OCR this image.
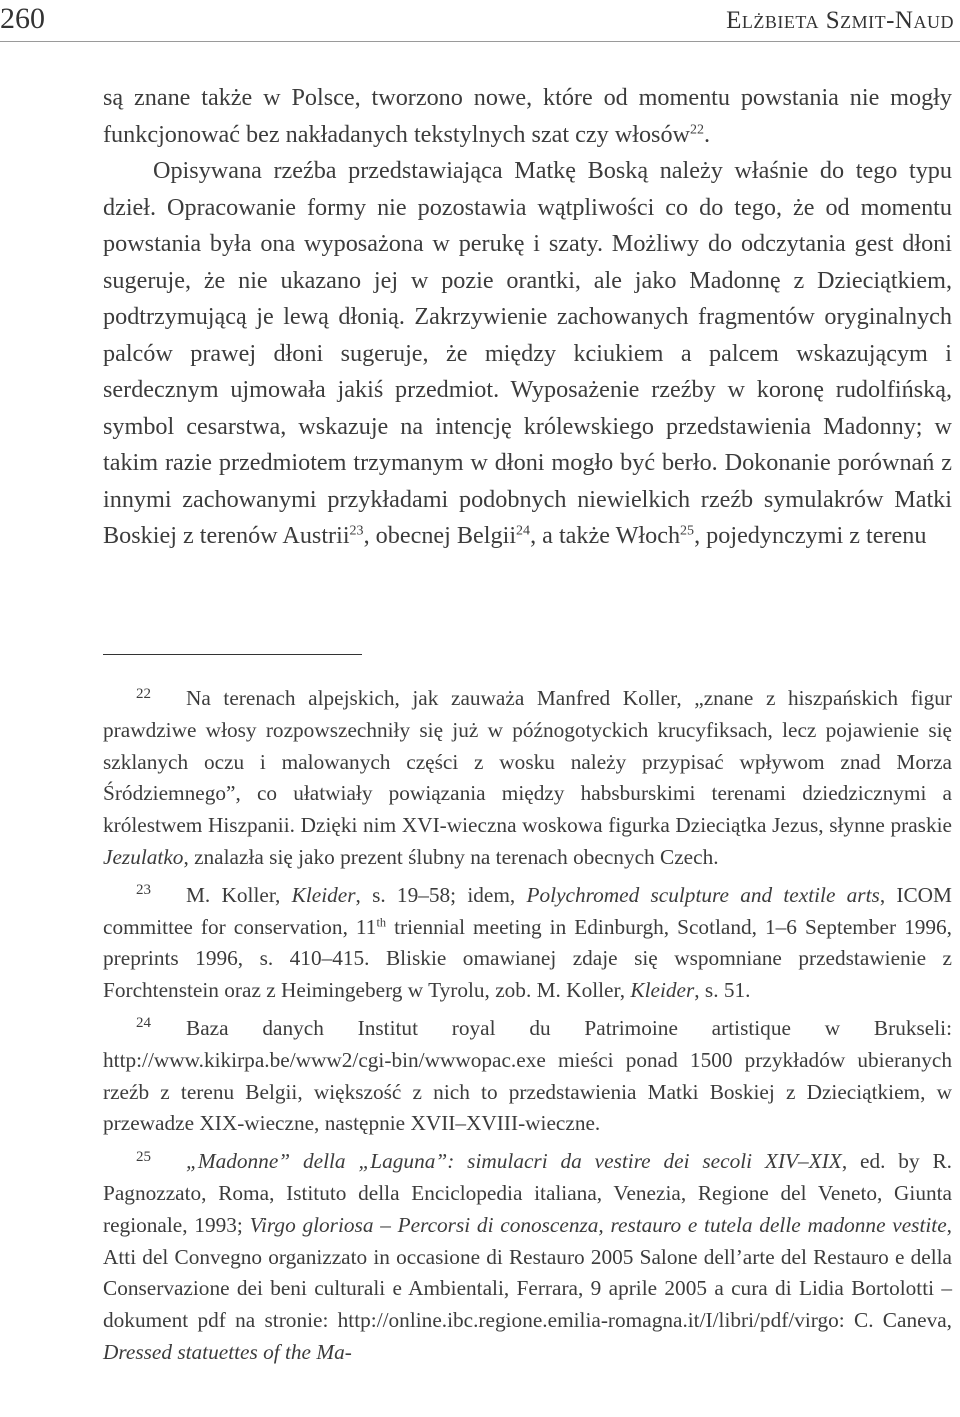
260	Elżbieta Szmit-Naud

są znane także w Polsce, tworzono nowe, które od momentu powstania nie mogły funkcjonować bez nakładanych tekstylnych szat czy włosów$^{22}$.

Opisywana rzeźba przedstawiająca Matkę Boską należy właśnie do tego typu dzieł. Opracowanie formy nie pozostawia wątpliwości co do tego, że od momentu powstania była ona wyposażona w perukę i szaty. Możliwy do odczytania gest dłoni sugeruje, że nie ukazano jej w pozie orantki, ale jako Madonnę z Dzieciątkiem, podtrzymującą je lewą dłonią. Zakrzywienie zachowanych fragmentów oryginalnych palców prawej dłoni sugeruje, że między kciukiem a palcem wskazującym i serdecznym ujmowała jakiś przedmiot. Wyposażenie rzeźby w koronę rudolfińską, symbol cesarstwa, wskazuje na intencję królewskiego przedstawienia Madonny; w takim razie przedmiotem trzymanym w dłoni mogło być berło. Dokonanie porównań z innymi zachowanymi przykładami podobnych niewielkich rzeźb symulakrów Matki Boskiej z terenów Austrii$^{23}$, obecnej Belgii$^{24}$, a także Włoch$^{25}$, pojedynczymi z terenu

22 Na terenach alpejskich, jak zauważa Manfred Koller, „znane z hiszpańskich figur prawdziwe włosy rozpowszechniły się już w późnogotyckich krucyfiksach, lecz pojawienie się szklanych oczu i malowanych części z wosku należy przypisać wpływom znad Morza Śródziemnego”, co ułatwiały powiązania między habsburskimi terenami dziedzicznymi a królestwem Hiszpanii. Dzięki nim XVI-wieczna woskowa figurka Dzieciątka Jezus, słynne praskie Jezulatko, znalazła się jako prezent ślubny na terenach obecnych Czech.

23 M. Koller, Kleider, s. 19–58; idem, Polychromed sculpture and textile arts, ICOM committee for conservation, 11th triennial meeting in Edinburgh, Scotland, 1–6 September 1996, preprints 1996, s. 410–415. Bliskie omawianej zdaje się wspomniane przedstawienie z Forchtenstein oraz z Heimingeberg w Tyrolu, zob. M. Koller, Kleider, s. 51.

24 Baza danych Institut royal du Patrimoine artistique w Brukseli: http://www.kikirpa.be/www2/cgi-bin/wwwopac.exe mieści ponad 1500 przykładów ubieranych rzeźb z terenu Belgii, większość z nich to przedstawienia Matki Boskiej z Dzieciątkiem, w przewadze XIX-wieczne, następnie XVII–XVIII-wieczne.

25 „Madonne” della „Laguna”: simulacri da vestire dei secoli XIV–XIX, ed. by R. Pagnozzato, Roma, Istituto della Enciclopedia italiana, Venezia, Regione del Veneto, Giunta regionale, 1993; Virgo gloriosa – Percorsi di conoscenza, restauro e tutela delle madonne vestite, Atti del Convegno organizzato in occasione di Restauro 2005 Salone dell’arte del Restauro e della Conservazione dei beni culturali e Ambientali, Ferrara, 9 aprile 2005 a cura di Lidia Bortolotti – dokument pdf na stronie: http://online.ibc.regione.emilia-romagna.it/I/libri/pdf/virgo: C. Caneva, Dressed statuettes of the Ma-
